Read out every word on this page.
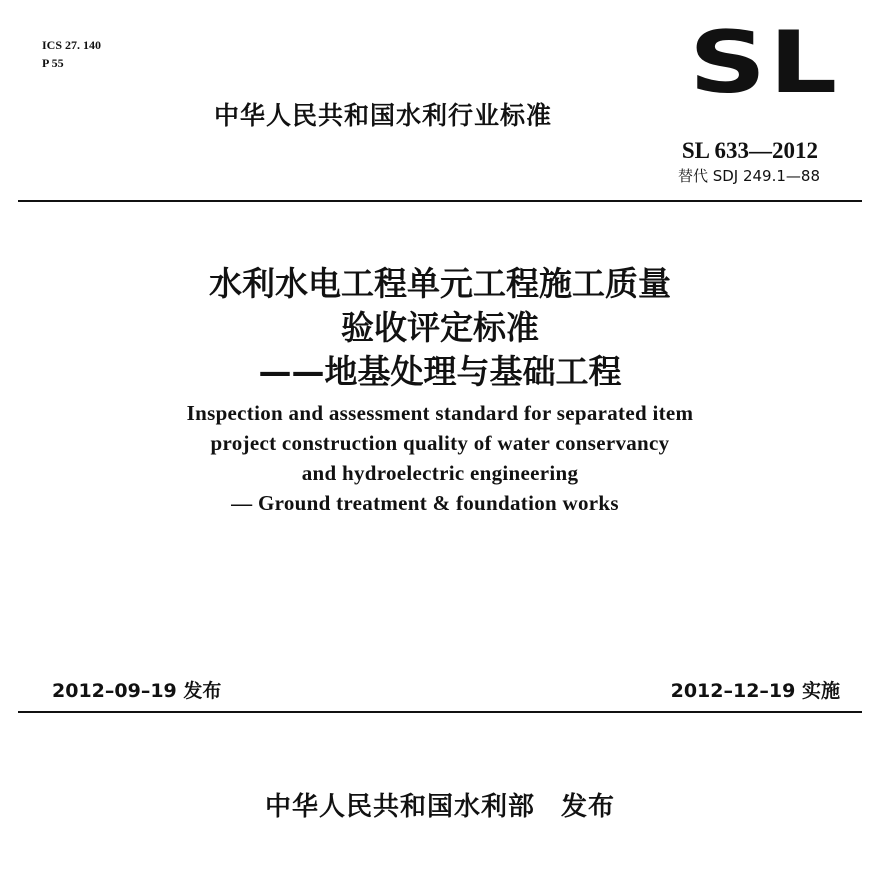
ICS 27. 140
P 55	SL
中华人民共和国水利行业标准
SL 633—2012
替代 SDJ 249.1—88
水利水电工程单元工程施工质量
验收评定标准
——地基处理与基础工程
Inspection and assessment standard for separated item
project construction quality of water conservancy
and hydroelectric engineering
— Ground treatment & foundation works
2012–09–19 发布	2012–12–19 实施
中华人民共和国水利部 发布
